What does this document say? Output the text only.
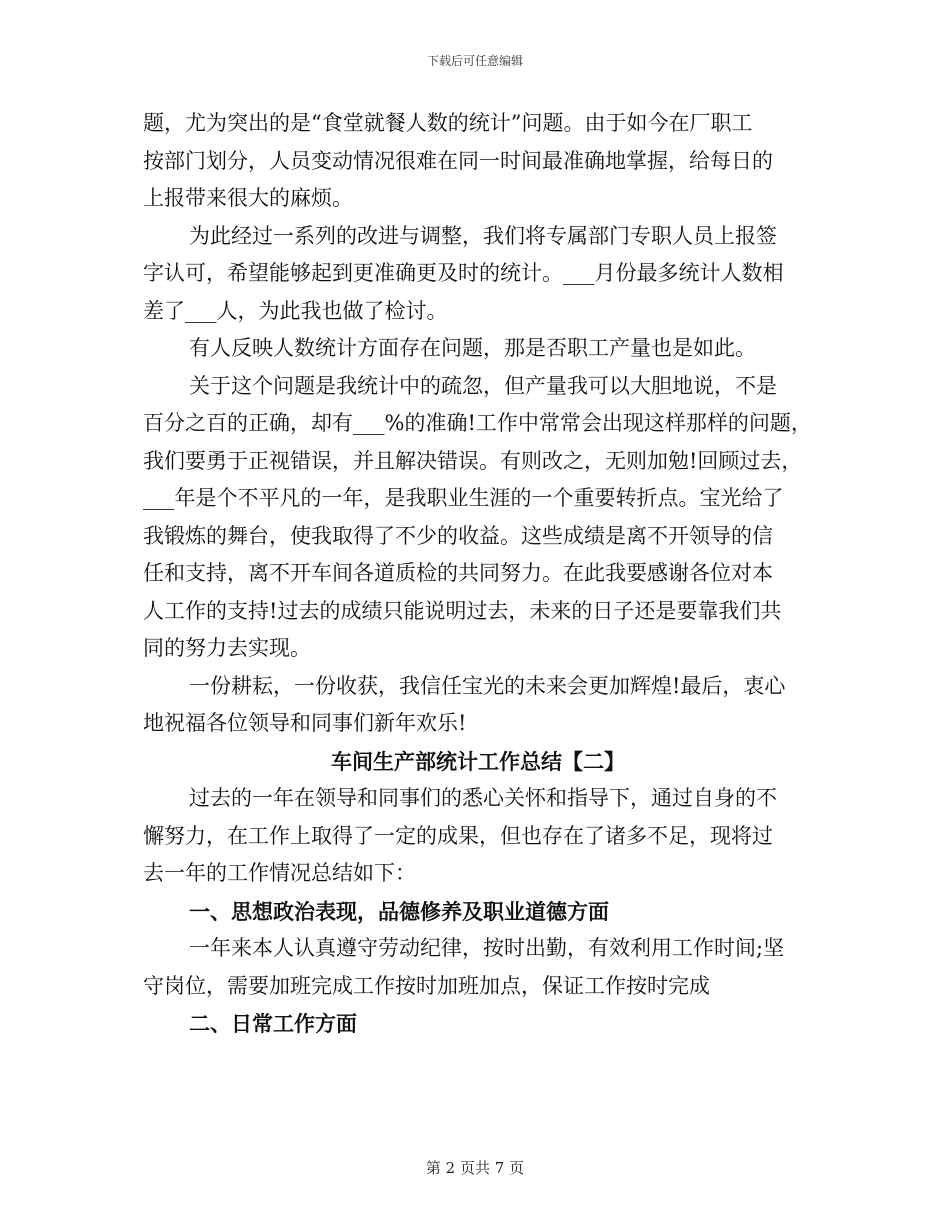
下载后可任意编辑
题，尤为突出的是“食堂就餐人数的统计”问题。由于如今在厂职工
按部门划分，人员变动情况很难在同一时间最准确地掌握，给每日的
上报带来很大的麻烦。
为此经过一系列的改进与调整，我们将专属部门专职人员上报签
字认可，希望能够起到更准确更及时的统计。___月份最多统计人数相
差了___人，为此我也做了检讨。
有人反映人数统计方面存在问题，那是否职工产量也是如此。
关于这个问题是我统计中的疏忽，但产量我可以大胆地说，不是
百分之百的正确，却有___%的准确!工作中常常会出现这样那样的问题，
我们要勇于正视错误，并且解决错误。有则改之，无则加勉!回顾过去，
___年是个不平凡的一年，是我职业生涯的一个重要转折点。宝光给了
我锻炼的舞台，使我取得了不少的收益。这些成绩是离不开领导的信
任和支持，离不开车间各道质检的共同努力。在此我要感谢各位对本
人工作的支持!过去的成绩只能说明过去，未来的日子还是要靠我们共
同的努力去实现。
一份耕耘，一份收获，我信任宝光的未来会更加辉煌!最后，衷心
地祝福各位领导和同事们新年欢乐!
车间生产部统计工作总结【二】
过去的一年在领导和同事们的悉心关怀和指导下，通过自身的不
懈努力，在工作上取得了一定的成果，但也存在了诸多不足，现将过
去一年的工作情况总结如下：
一、思想政治表现，品德修养及职业道德方面
一年来本人认真遵守劳动纪律，按时出勤，有效利用工作时间;坚
守岗位，需要加班完成工作按时加班加点，保证工作按时完成
二、日常工作方面
第 2 页共 7 页
